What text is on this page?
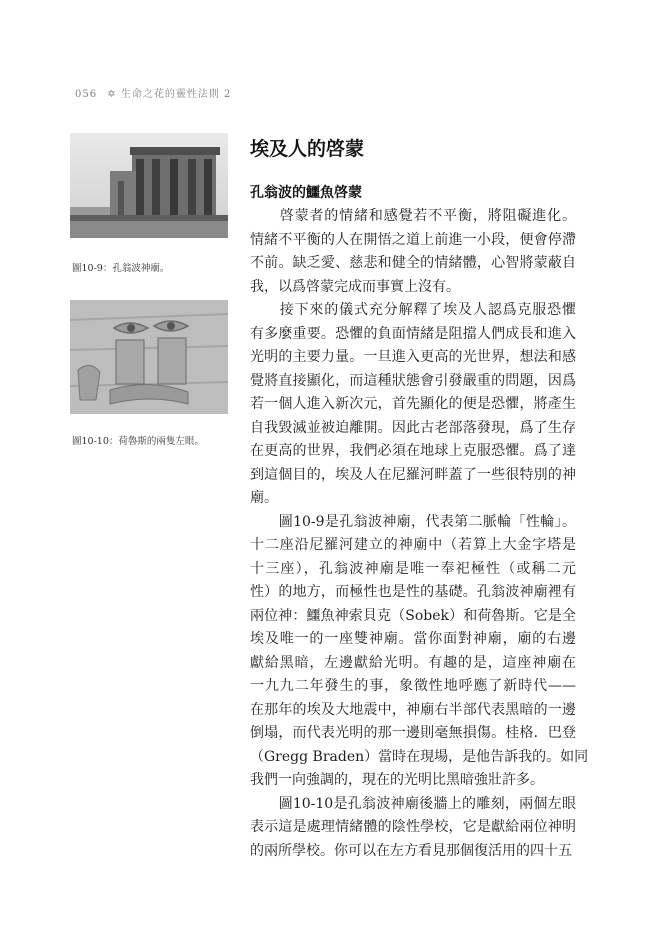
056 ✡ 生命之花的靈性法則 2
圖10-9：孔翁波神廟。
圖10-10：荷魯斯的兩隻左眼。
埃及人的啓蒙
孔翁波的鱷魚啓蒙
　　啓蒙者的情緒和感覺若不平衡，將阻礙進化。
情緒不平衡的人在開悟之道上前進一小段，便會停滯
不前。缺乏愛、慈悲和健全的情緒體，心智將蒙蔽自
我，以爲啓蒙完成而事實上沒有。
　　接下來的儀式充分解釋了埃及人認爲克服恐懼
有多麼重要。恐懼的負面情緒是阻擋人們成長和進入
光明的主要力量。一旦進入更高的光世界，想法和感
覺將直接顯化，而這種狀態會引發嚴重的問題，因爲
若一個人進入新次元，首先顯化的便是恐懼，將產生
自我毀滅並被迫離開。因此古老部落發現，爲了生存
在更高的世界，我們必須在地球上克服恐懼。爲了達
到這個目的，埃及人在尼羅河畔蓋了一些很特別的神
廟。
　　圖10-9是孔翁波神廟，代表第二脈輪「性輪」。
十二座沿尼羅河建立的神廟中（若算上大金字塔是
十三座），孔翁波神廟是唯一奉祀極性（或稱二元
性）的地方，而極性也是性的基礎。孔翁波神廟裡有
兩位神：鱷魚神索貝克（Sobek）和荷魯斯。它是全
埃及唯一的一座雙神廟。當你面對神廟，廟的右邊
獻給黑暗，左邊獻給光明。有趣的是，這座神廟在
一九九二年發生的事，象徵性地呼應了新時代——
在那年的埃及大地震中，神廟右半部代表黑暗的一邊
倒塌，而代表光明的那一邊則毫無損傷。桂格．巴登
（Gregg Braden）當時在現場，是他告訴我的。如同
我們一向強調的，現在的光明比黑暗強壯許多。
　　圖10-10是孔翁波神廟後牆上的雕刻，兩個左眼
表示這是處理情緒體的陰性學校，它是獻給兩位神明
的兩所學校。你可以在左方看見那個復活用的四十五
